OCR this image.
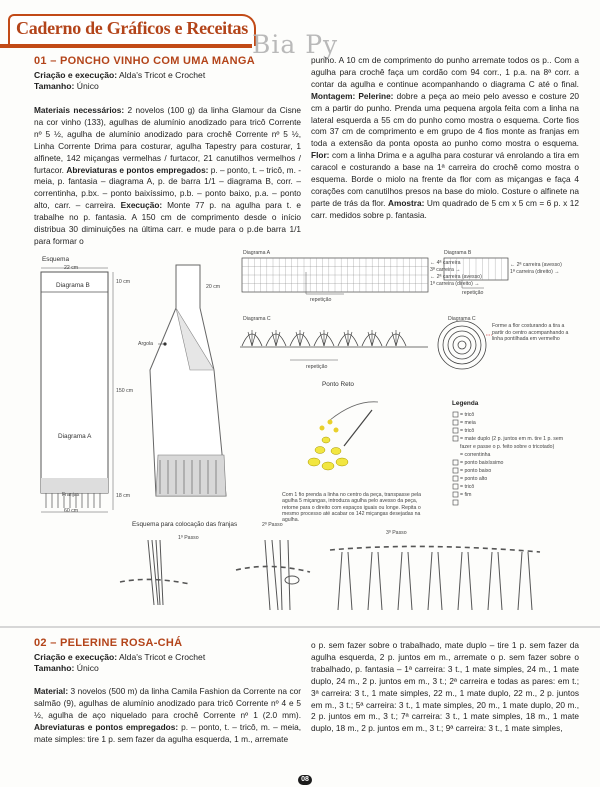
Caderno de Gráficos e Receitas
Bia Py
01 – PONCHO VINHO COM UMA MANGA
Criação e execução: Alda's Tricot e Crochet
Tamanho: Único
Materiais necessários: 2 novelos (100 g) da linha Glamour da Cisne na cor vinho (133), agulhas de alumínio anodizado para tricô Corrente nº 5 ½, agulha de alumínio anodizado para crochê Corrente nº 5 ½, Linha Corrente Drima para costurar, agulha Tapestry para costurar, 1 alfinete, 142 miçangas vermelhas / furtacor, 21 canutilhos vermelhos / furtacor. Abreviaturas e pontos empregados: p. – ponto, t. – tricô, m. - meia, p. fantasia – diagrama A, p. de barra 1/1 – diagrama B, corr. – correntinha, p.bx. – ponto baixíssimo, p.b. – ponto baixo, p.a. – ponto alto, carr. – carreira. Execução: Monte 77 p. na agulha para t. e trabalhe no p. fantasia. A 150 cm de comprimento desde o início distribua 30 diminuições na última carr. e mude para o p.de barra 1/1 para formar o
punho. A 10 cm de comprimento do punho arremate todos os p.. Com a agulha para crochê faça um cordão com 94 corr., 1 p.a. na 8ª corr. a contar da agulha e continue acompanhando o diagrama C até o final. Montagem: Pelerine: dobre a peça ao meio pelo avesso e costure 20 cm a partir do punho. Prenda uma pequena argola feita com a linha na lateral esquerda a 55 cm do punho como mostra o esquema. Corte fios com 37 cm de comprimento e em grupo de 4 fios monte as franjas em toda a extensão da ponta oposta ao punho como mostra o esquema. Flor: com a linha Drima e a agulha para costurar vá enrolando a tira em caracol e costurando a base na 1ª carreira do crochê como mostra o esquema. Borde o miolo na frente da flor com as miçangas e faça 4 corações com canutilhos presos na base do miolo. Costure o alfinete na parte de trás da flor. Amostra: Um quadrado de 5 cm x 5 cm = 6 p. x 12 carr. medidos sobre p. fantasia.
Esquema
22 cm
Diagrama B	10 cm
150 cm
Diagrama A
Franjas	18 cm
60 cm
Argola
20 cm
Diagrama A	Diagrama B
← 4ª carreira
3ª carreira →
← 2ª carreira (avesso)
1ª carreira (direito) →
← 2ª carreira (avesso)
1ª carreira (direito) →
repetição
repetição
Diagrama C
repetição
Diagrama C
Forme a flor costurando a tira a partir do centro acompanhando a linha pontilhada em vermelho
Ponto Reto
Com 1 fio prenda a linha no centro da peça, transpasse pela agulha 5 miçangas, introduza agulha pelo avesso da peça, retorne para o direito com espaços iguais ou longe. Repita o mesmo processo até acabar os 142 miçangas desejadas na agulha.
Legenda
= tricô
= meia
= tricô
= mate duplo (2 p. juntos em m. tire 1 p. sem fazer e passe o p. feito sobre o tricotado)
= correntinha
= ponto baixíssimo
= ponto baixo
= ponto alto
= tricô
= fim
Esquema para colocação das franjas
1º Passo
2º Passo
3º Passo
02 – PELERINE ROSA-CHÁ
Criação e execução: Alda's Tricot e Crochet
Tamanho: Único
Material: 3 novelos (500 m) da linha Camila Fashion da Corrente na cor salmão (9), agulhas de alumínio anodizado para tricô Corrente nº 4 e 5 ½, agulha de aço niquelado para crochê Corrente nº 1 (2.0 mm). Abreviaturas e pontos empregados: p. – ponto, t. – tricô, m. – meia, mate simples: tire 1 p. sem fazer da agulha esquerda, 1 m., arremate
o p. sem fazer sobre o trabalhado, mate duplo – tire 1 p. sem fazer da agulha esquerda, 2 p. juntos em m., arremate o p. sem fazer sobre o trabalhado, p. fantasia – 1ª carreira: 3 t., 1 mate simples, 24 m., 1 mate duplo, 24 m., 2 p. juntos em m., 3 t.; 2ª carreira e todas as pares: em t.; 3ª carreira: 3 t., 1 mate simples, 22 m., 1 mate duplo, 22 m., 2 p. juntos em m., 3 t.; 5ª carreira: 3 t., 1 mate simples, 20 m., 1 mate duplo, 20 m., 2 p. juntos em m., 3 t.; 7ª carreira: 3 t., 1 mate simples, 18 m., 1 mate duplo, 18 m., 2 p. juntos em m., 3 t.; 9ª carreira: 3 t., 1 mate simples,
08
